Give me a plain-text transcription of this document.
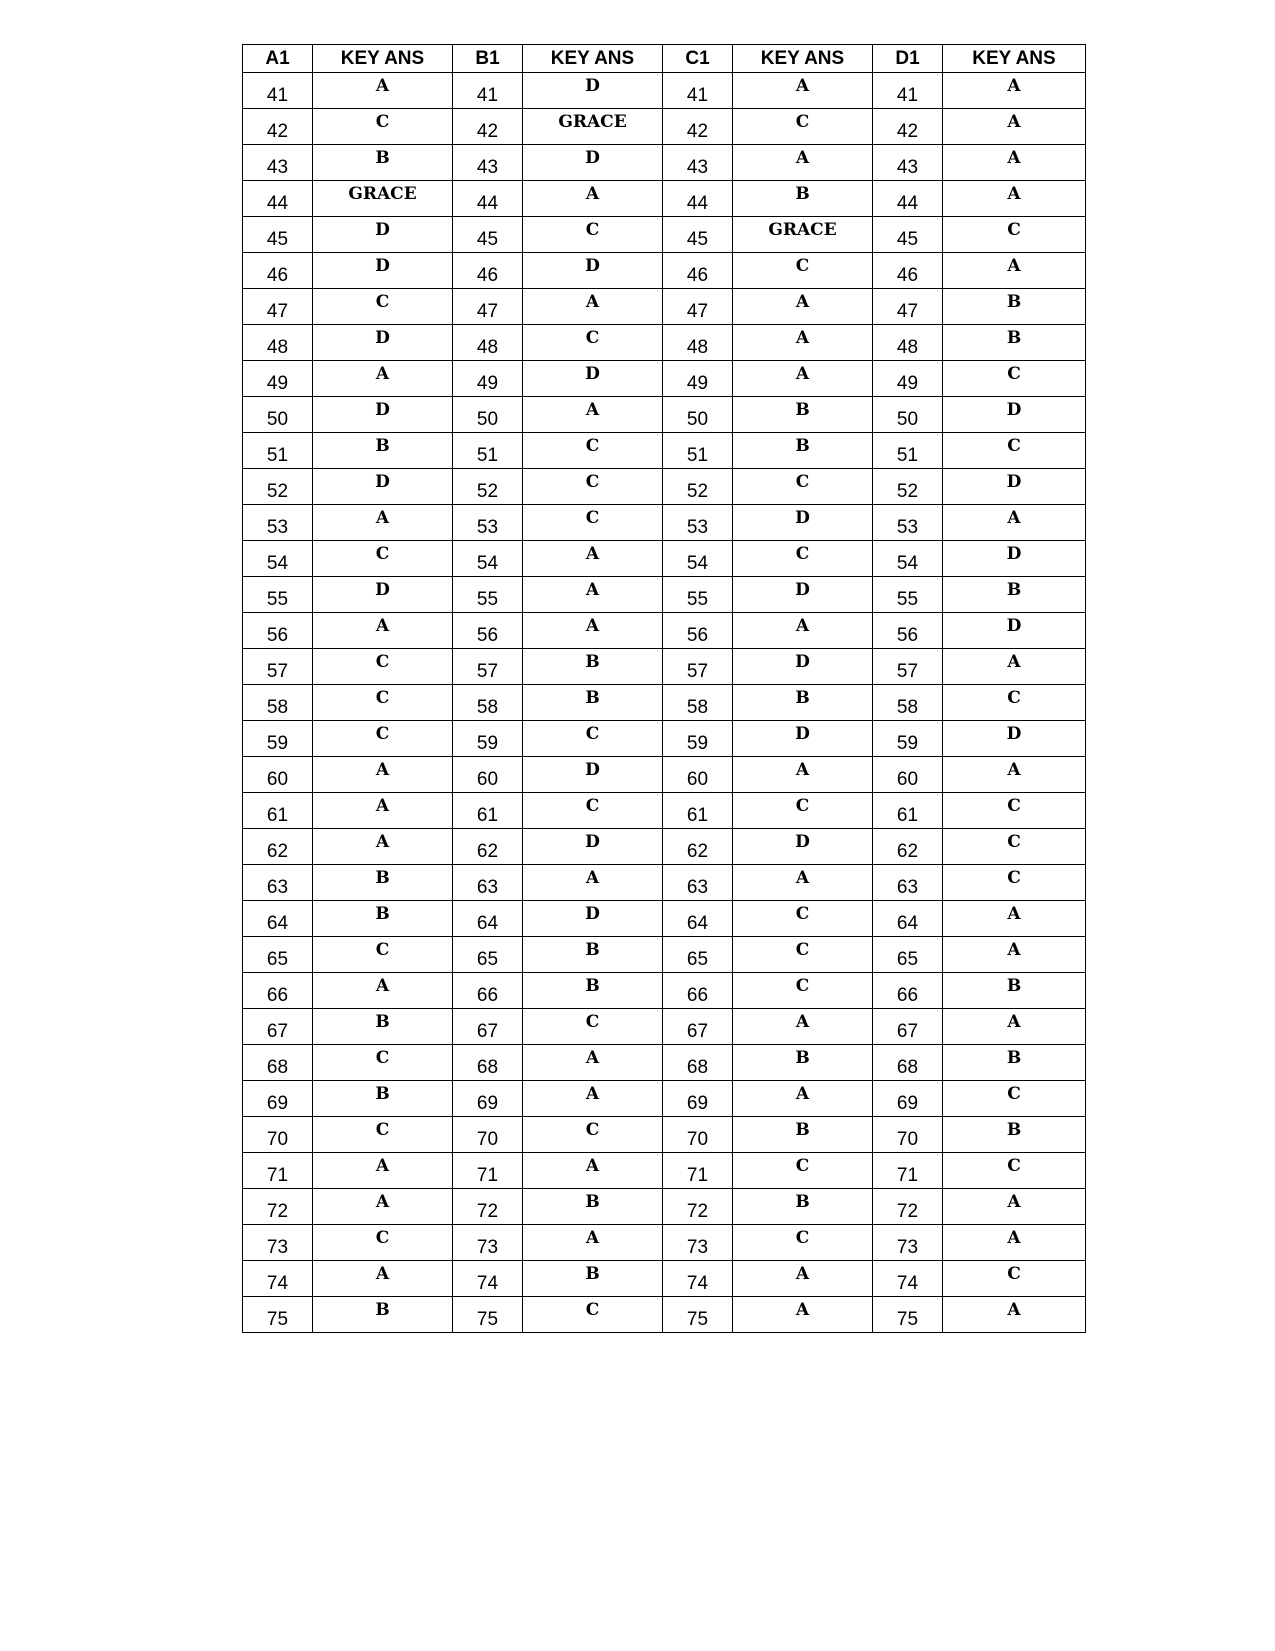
A1	KEY ANS	B1	KEY ANS	C1	KEY ANS	D1	KEY ANS
41	A	41	D	41	A	41	A
42	C	42	GRACE	42	C	42	A
43	B	43	D	43	A	43	A
44	GRACE	44	A	44	B	44	A
45	D	45	C	45	GRACE	45	C
46	D	46	D	46	C	46	A
47	C	47	A	47	A	47	B
48	D	48	C	48	A	48	B
49	A	49	D	49	A	49	C
50	D	50	A	50	B	50	D
51	B	51	C	51	B	51	C
52	D	52	C	52	C	52	D
53	A	53	C	53	D	53	A
54	C	54	A	54	C	54	D
55	D	55	A	55	D	55	B
56	A	56	A	56	A	56	D
57	C	57	B	57	D	57	A
58	C	58	B	58	B	58	C
59	C	59	C	59	D	59	D
60	A	60	D	60	A	60	A
61	A	61	C	61	C	61	C
62	A	62	D	62	D	62	C
63	B	63	A	63	A	63	C
64	B	64	D	64	C	64	A
65	C	65	B	65	C	65	A
66	A	66	B	66	C	66	B
67	B	67	C	67	A	67	A
68	C	68	A	68	B	68	B
69	B	69	A	69	A	69	C
70	C	70	C	70	B	70	B
71	A	71	A	71	C	71	C
72	A	72	B	72	B	72	A
73	C	73	A	73	C	73	A
74	A	74	B	74	A	74	C
75	B	75	C	75	A	75	A
